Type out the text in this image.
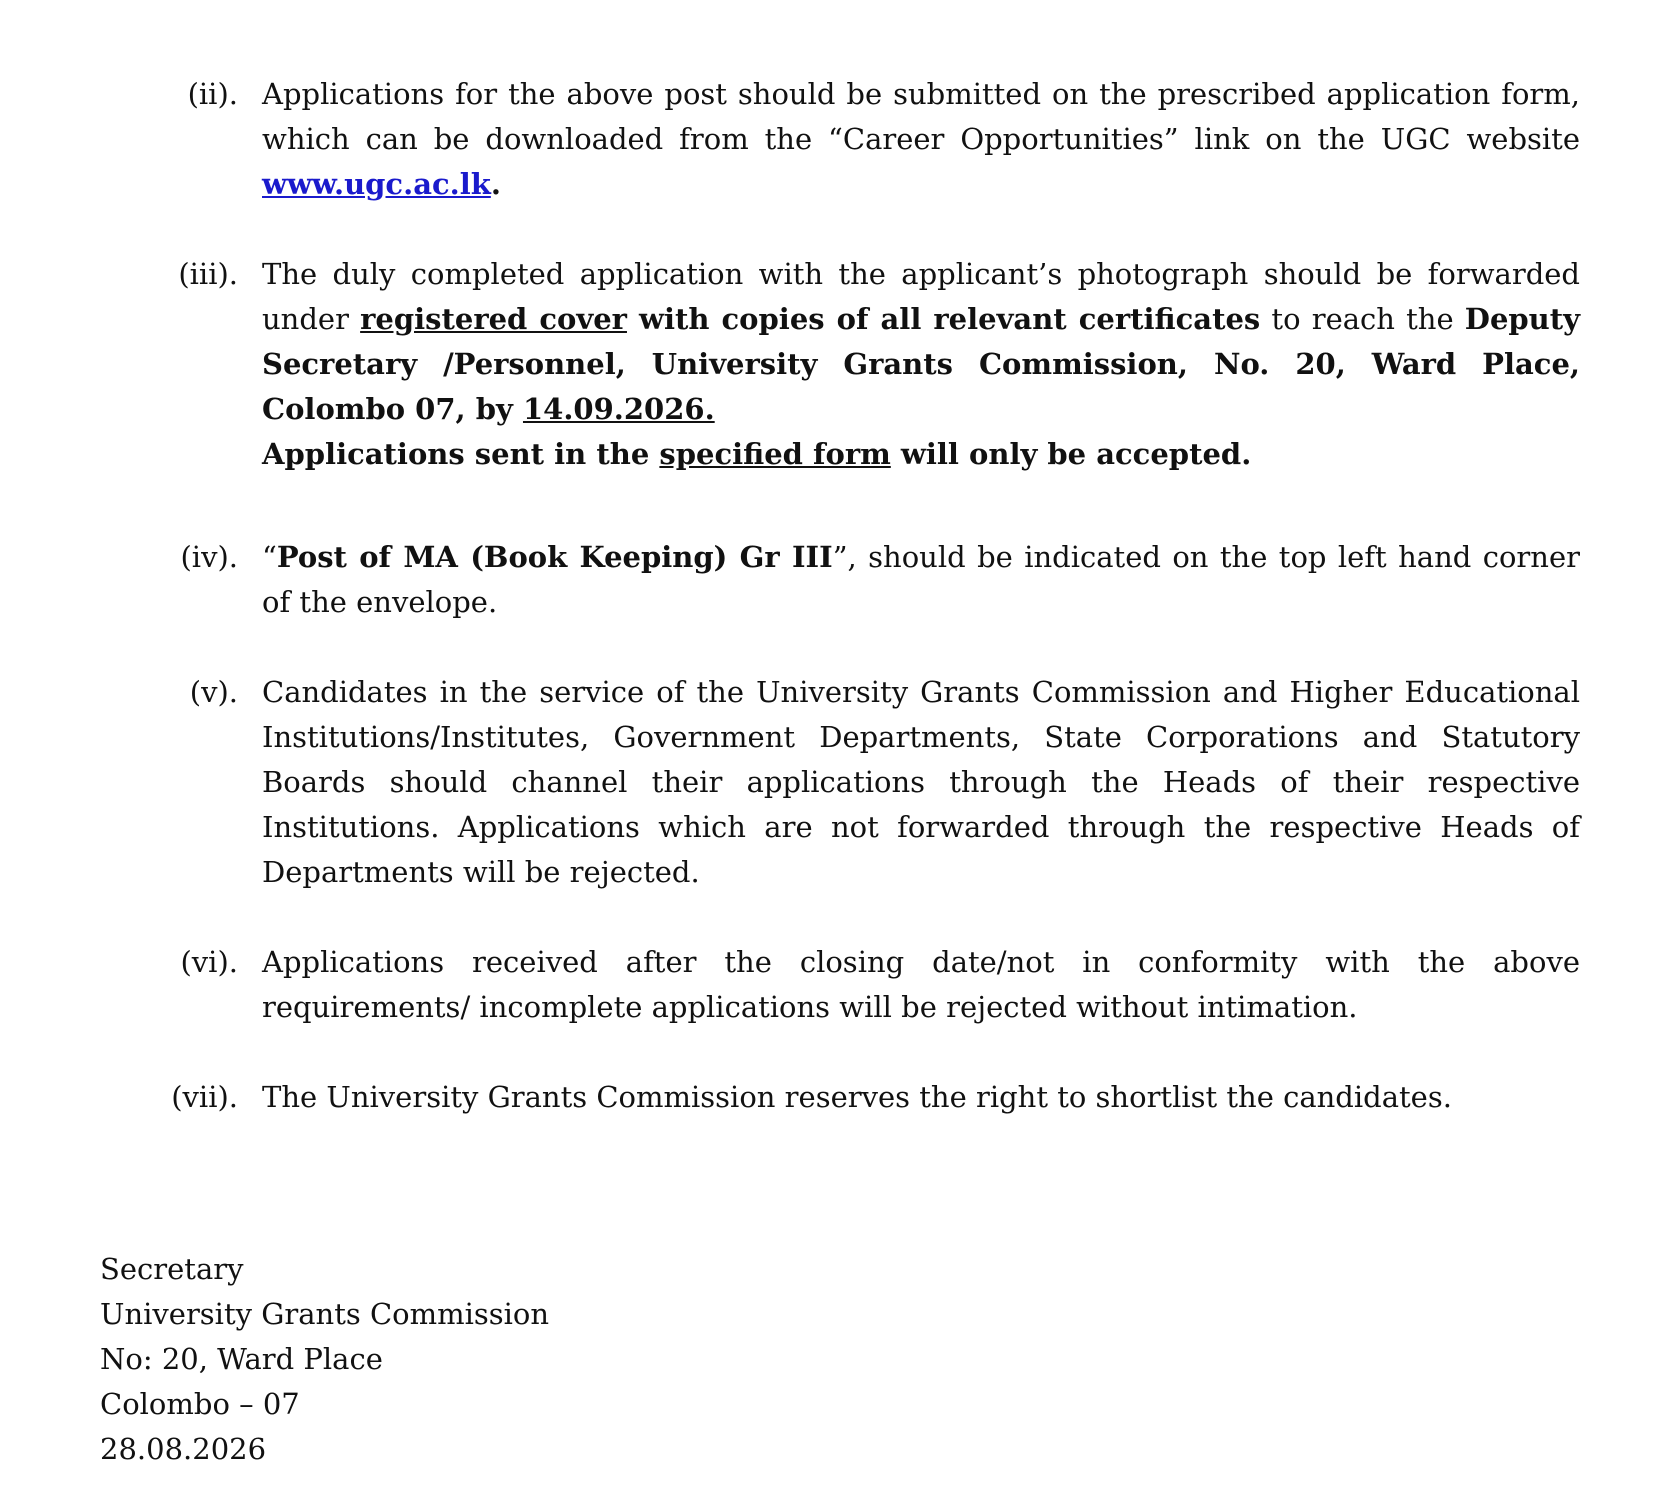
(ii). Applications for the above post should be submitted on the prescribed application form, which can be downloaded from the “Career Opportunities” link on the UGC website www.ugc.ac.lk.

(iii). The duly completed application with the applicant’s photograph should be forwarded under registered cover with copies of all relevant certificates to reach the Deputy Secretary /Personnel, University Grants Commission, No. 20, Ward Place, Colombo 07, by 14.09.2026.

Applications sent in the specified form will only be accepted.

(iv). “Post of MA (Book Keeping) Gr III”, should be indicated on the top left hand corner of the envelope.

(v). Candidates in the service of the University Grants Commission and Higher Educational Institutions/Institutes, Government Departments, State Corporations and Statutory Boards should channel their applications through the Heads of their respective Institutions. Applications which are not forwarded through the respective Heads of Departments will be rejected.

(vi). Applications received after the closing date/not in conformity with the above requirements/ incomplete applications will be rejected without intimation.

(vii). The University Grants Commission reserves the right to shortlist the candidates.

Secretary
University Grants Commission
No: 20, Ward Place
Colombo – 07
28.08.2026
